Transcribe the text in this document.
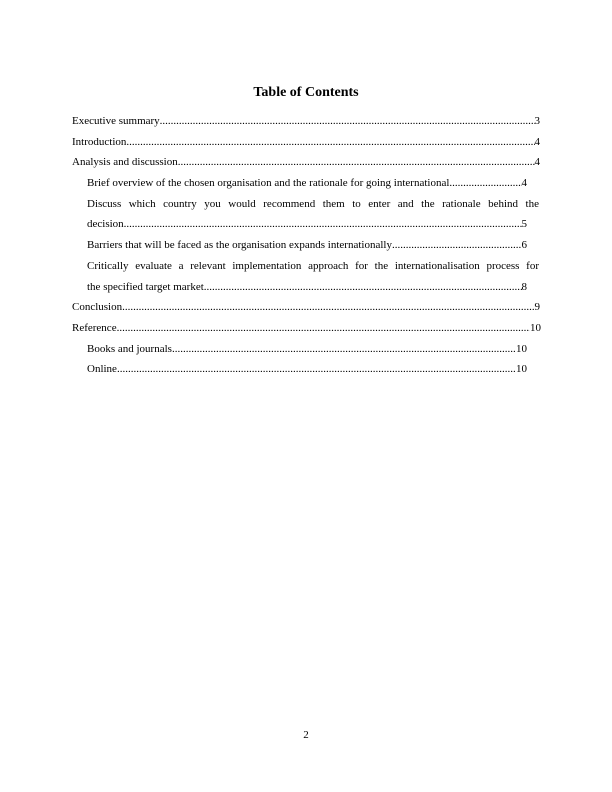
Table of Contents
Executive summary .....	3
Introduction .....	4
Analysis and discussion .....	4
Brief overview of the chosen organisation and the rationale for going international. .....	4
Discuss which country you would recommend them to enter and the rationale behind the
decision. .....	5
Barriers that will be faced as the organisation expands internationally .....	6
Critically evaluate a relevant implementation approach for the internationalisation process for
the specified target market .....	8
Conclusion .....	9
Reference .....	10
Books and journals .....	10
Online .....	10
2
